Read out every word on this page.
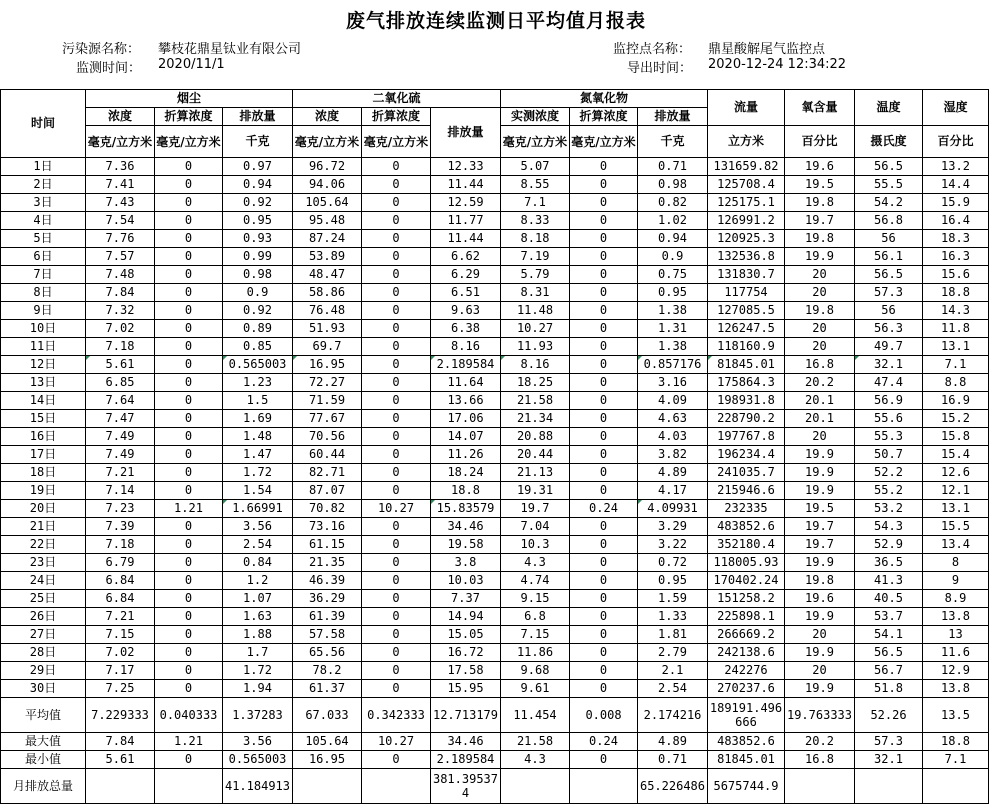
废气排放连续监测日平均值月报表
污染源名称： 攀枝花鼎星钛业有限公司
监测时间： 2020/11/1
监控点名称： 鼎星酸解尾气监控点
导出时间： 2020-12-24 12:34:22
时间	烟尘			二氧化硫			氮氧化物			流量	氧含量	温度	湿度
	浓度	折算浓度	排放量	浓度	折算浓度	排放量	实测浓度	折算浓度	排放量				
	毫克/立方米	毫克/立方米	千克	毫克/立方米	毫克/立方米		毫克/立方米	毫克/立方米	千克	立方米	百分比	摄氏度	百分比
1日	7.36	0	0.97	96.72	0	12.33	5.07	0	0.71	131659.82	19.6	56.5	13.2
2日	7.41	0	0.94	94.06	0	11.44	8.55	0	0.98	125708.4	19.5	55.5	14.4
3日	7.43	0	0.92	105.64	0	12.59	7.1	0	0.82	125175.1	19.8	54.2	15.9
4日	7.54	0	0.95	95.48	0	11.77	8.33	0	1.02	126991.2	19.7	56.8	16.4
5日	7.76	0	0.93	87.24	0	11.44	8.18	0	0.94	120925.3	19.8	56	18.3
6日	7.57	0	0.99	53.89	0	6.62	7.19	0	0.9	132536.8	19.9	56.1	16.3
7日	7.48	0	0.98	48.47	0	6.29	5.79	0	0.75	131830.7	20	56.5	15.6
8日	7.84	0	0.9	58.86	0	6.51	8.31	0	0.95	117754	20	57.3	18.8
9日	7.32	0	0.92	76.48	0	9.63	11.48	0	1.38	127085.5	19.8	56	14.3
10日	7.02	0	0.89	51.93	0	6.38	10.27	0	1.31	126247.5	20	56.3	11.8
11日	7.18	0	0.85	69.7	0	8.16	11.93	0	1.38	118160.9	20	49.7	13.1
12日	5.61	0	0.565003	16.95	0	2.189584	8.16	0	0.857176	81845.01	16.8	32.1	7.1
13日	6.85	0	1.23	72.27	0	11.64	18.25	0	3.16	175864.3	20.2	47.4	8.8
14日	7.64	0	1.5	71.59	0	13.66	21.58	0	4.09	198931.8	20.1	56.9	16.9
15日	7.47	0	1.69	77.67	0	17.06	21.34	0	4.63	228790.2	20.1	55.6	15.2
16日	7.49	0	1.48	70.56	0	14.07	20.88	0	4.03	197767.8	20	55.3	15.8
17日	7.49	0	1.47	60.44	0	11.26	20.44	0	3.82	196234.4	19.9	50.7	15.4
18日	7.21	0	1.72	82.71	0	18.24	21.13	0	4.89	241035.7	19.9	52.2	12.6
19日	7.14	0	1.54	87.07	0	18.8	19.31	0	4.17	215946.6	19.9	55.2	12.1
20日	7.23	1.21	1.66991	70.82	10.27	15.83579	19.7	0.24	4.09931	232335	19.5	53.2	13.1
21日	7.39	0	3.56	73.16	0	34.46	7.04	0	3.29	483852.6	19.7	54.3	15.5
22日	7.18	0	2.54	61.15	0	19.58	10.3	0	3.22	352180.4	19.7	52.9	13.4
23日	6.79	0	0.84	21.35	0	3.8	4.3	0	0.72	118005.93	19.9	36.5	8
24日	6.84	0	1.2	46.39	0	10.03	4.74	0	0.95	170402.24	19.8	41.3	9
25日	6.84	0	1.07	36.29	0	7.37	9.15	0	1.59	151258.2	19.6	40.5	8.9
26日	7.21	0	1.63	61.39	0	14.94	6.8	0	1.33	225898.1	19.9	53.7	13.8
27日	7.15	0	1.88	57.58	0	15.05	7.15	0	1.81	266669.2	20	54.1	13
28日	7.02	0	1.7	65.56	0	16.72	11.86	0	2.79	242138.6	19.9	56.5	11.6
29日	7.17	0	1.72	78.2	0	17.58	9.68	0	2.1	242276	20	56.7	12.9
30日	7.25	0	1.94	61.37	0	15.95	9.61	0	2.54	270237.6	19.9	51.8	13.8
平均值	7.229333	0.040333	1.37283	67.033	0.342333	12.713179	11.454	0.008	2.174216	189191.496666	19.763333	52.26	13.5
最大值	7.84	1.21	3.56	105.64	10.27	34.46	21.58	0.24	4.89	483852.6	20.2	57.3	18.8
最小值	5.61	0	0.565003	16.95	0	2.189584	4.3	0	0.71	81845.01	16.8	32.1	7.1
月排放总量			41.184913			381.395374			65.226486	5675744.9			
